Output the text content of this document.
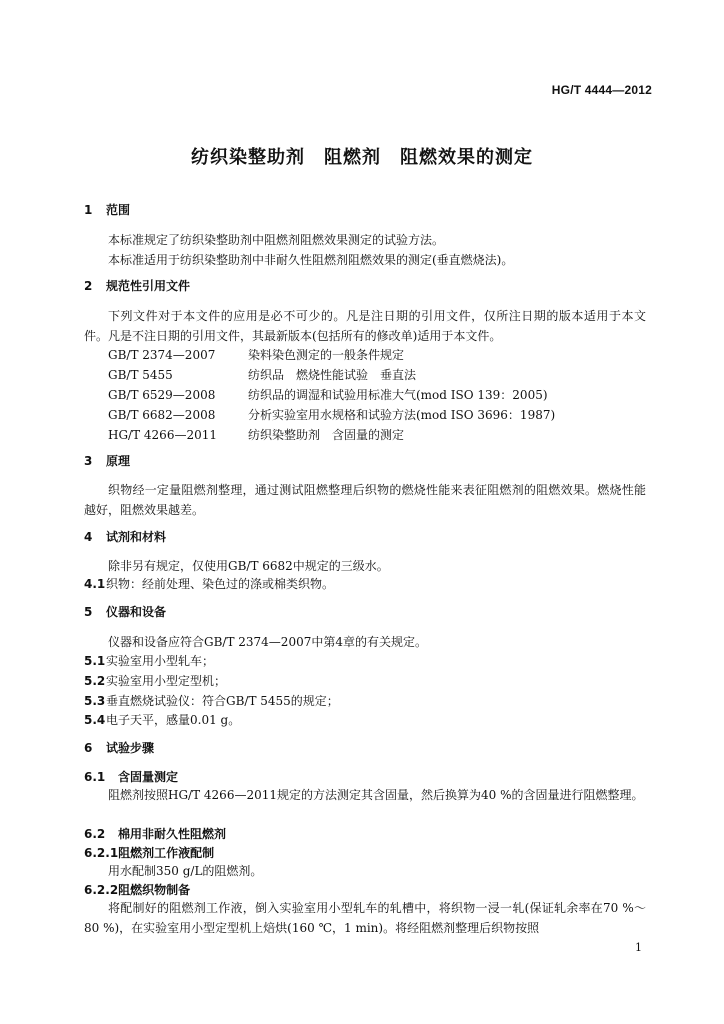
HG/T 4444—2012
纺织染整助剂　阻燃剂　阻燃效果的测定
1 范围
本标准规定了纺织染整助剂中阻燃剂阻燃效果测定的试验方法。
本标准适用于纺织染整助剂中非耐久性阻燃剂阻燃效果的测定(垂直燃烧法)。
2 规范性引用文件
下列文件对于本文件的应用是必不可少的。凡是注日期的引用文件，仅所注日期的版本适用于本文件。凡是不注日期的引用文件，其最新版本(包括所有的修改单)适用于本文件。
GB/T 2374—2007	染料染色测定的一般条件规定
GB/T 5455	纺织品　燃烧性能试验　垂直法
GB/T 6529—2008	纺织品的调湿和试验用标准大气(mod ISO 139：2005)
GB/T 6682—2008	分析实验室用水规格和试验方法(mod ISO 3696：1987)
HG/T 4266—2011	纺织染整助剂　含固量的测定
3 原理
织物经一定量阻燃剂整理，通过测试阻燃整理后织物的燃烧性能来表征阻燃剂的阻燃效果。燃烧性能越好，阻燃效果越差。
4 试剂和材料
除非另有规定，仅使用GB/T 6682中规定的三级水。
4.1织物：经前处理、染色过的涤或棉类织物。
5 仪器和设备
仪器和设备应符合GB/T 2374—2007中第4章的有关规定。
5.1实验室用小型轧车；
5.2实验室用小型定型机；
5.3垂直燃烧试验仪：符合GB/T 5455的规定；
5.4电子天平，感量0.01 g。
6 试验步骤
6.1 含固量测定
阻燃剂按照HG/T 4266—2011规定的方法测定其含固量，然后换算为40 %的含固量进行阻燃整理。
6.2 棉用非耐久性阻燃剂
6.2.1阻燃剂工作液配制
用水配制350 g/L的阻燃剂。
6.2.2阻燃织物制备
将配制好的阻燃剂工作液，倒入实验室用小型轧车的轧槽中，将织物一浸一轧(保证轧余率在70 %～80 %)，在实验室用小型定型机上焙烘(160 ℃，1 min)。将经阻燃剂整理后织物按照
1
